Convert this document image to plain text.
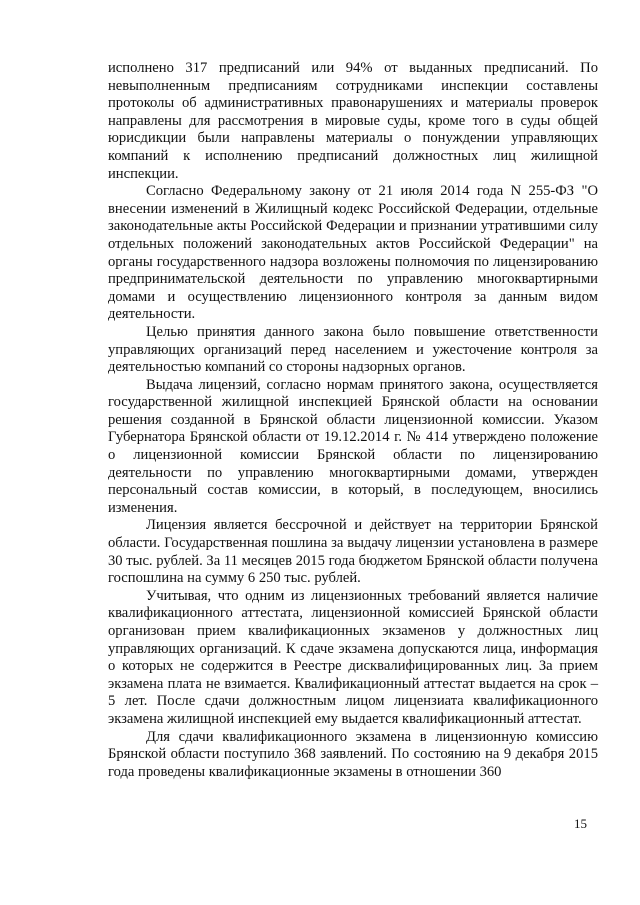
исполнено 317 предписаний или 94% от выданных предписаний. По невыполненным предписаниям сотрудниками инспекции составлены протоколы об административных правонарушениях и материалы проверок направлены для рассмотрения в мировые суды, кроме того в суды общей юрисдикции были направлены материалы о понуждении управляющих компаний к исполнению предписаний должностных лиц жилищной инспекции.

Согласно Федеральному закону от 21 июля 2014 года N 255-ФЗ "О внесении изменений в Жилищный кодекс Российской Федерации, отдельные законодательные акты Российской Федерации и признании утратившими силу отдельных положений законодательных актов Российской Федерации" на органы государственного надзора возложены полномочия по лицензированию предпринимательской деятельности по управлению многоквартирными домами и осуществлению лицензионного контроля за данным видом деятельности.

Целью принятия данного закона было повышение ответственности управляющих организаций перед населением и ужесточение контроля за деятельностью компаний со стороны надзорных органов.

Выдача лицензий, согласно нормам принятого закона, осуществляется государственной жилищной инспекцией Брянской области на основании решения созданной в Брянской области лицензионной комиссии. Указом Губернатора Брянской области от 19.12.2014 г. № 414 утверждено положение о лицензионной комиссии Брянской области по лицензированию деятельности по управлению многоквартирными домами, утвержден персональный состав комиссии, в который, в последующем, вносились изменения.

Лицензия является бессрочной и действует на территории Брянской области. Государственная пошлина за выдачу лицензии установлена в размере 30 тыс. рублей. За 11 месяцев 2015 года бюджетом Брянской области получена госпошлина на сумму 6 250 тыс. рублей.

Учитывая, что одним из лицензионных требований является наличие квалификационного аттестата, лицензионной комиссией Брянской области организован прием квалификационных экзаменов у должностных лиц управляющих организаций. К сдаче экзамена допускаются лица, информация о которых не содержится в Реестре дисквалифицированных лиц. За прием экзамена плата не взимается. Квалификационный аттестат выдается на срок – 5 лет. После сдачи должностным лицом лицензиата квалификационного экзамена жилищной инспекцией ему выдается квалификационный аттестат.

Для сдачи квалификационного экзамена в лицензионную комиссию Брянской области поступило 368 заявлений. По состоянию на 9 декабря 2015 года проведены квалификационные экзамены в отношении 360

15
